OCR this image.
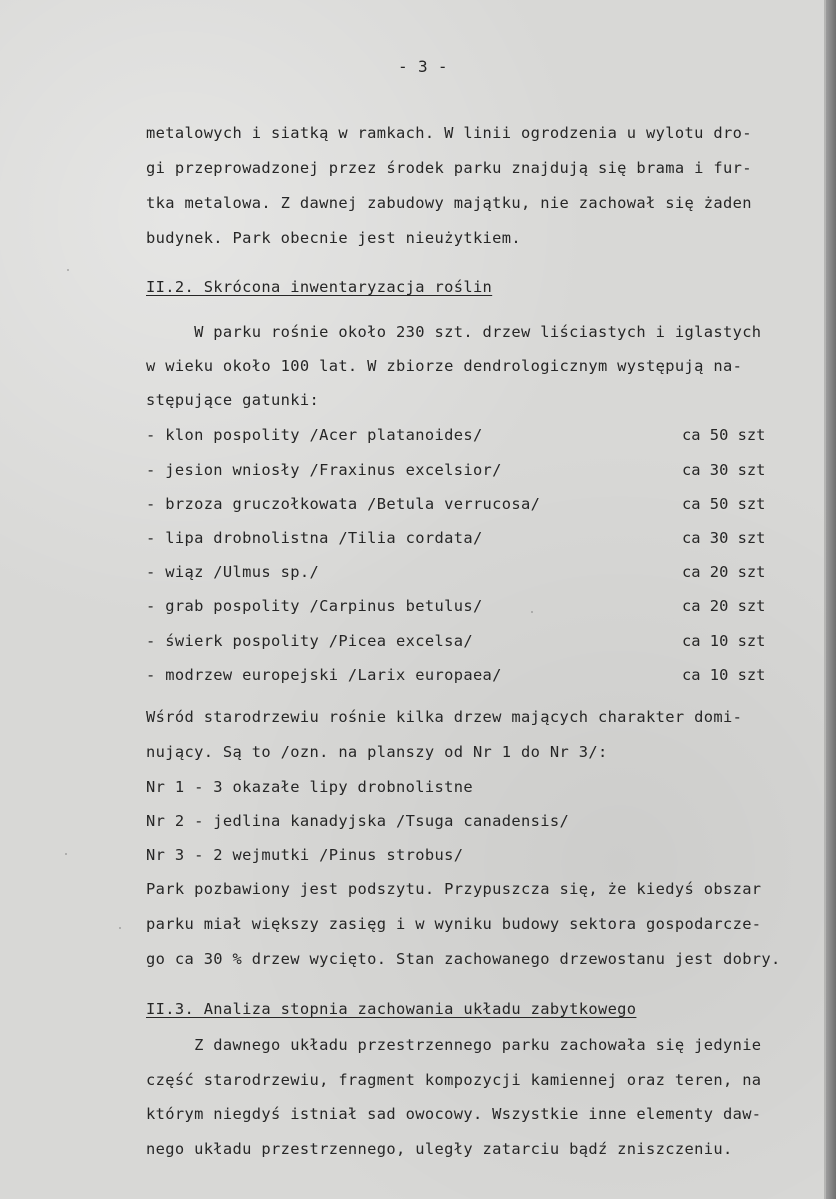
- 3 -
metalowych i siatką w ramkach. W linii ogrodzenia u wylotu dro-
gi przeprowadzonej przez środek parku znajdują się brama i fur-
tka metalowa. Z dawnej zabudowy majątku, nie zachował się żaden
budynek. Park obecnie jest nieużytkiem.
II.2. Skrócona inwentaryzacja roślin
W parku rośnie około 230 szt. drzew liściastych i iglastych
w wieku około 100 lat. W zbiorze dendrologicznym występują na-
stępujące gatunki:
- klon pospolity /Acer platanoides/	ca 50 szt
- jesion wniosły /Fraxinus excelsior/	ca 30 szt
- brzoza gruczołkowata /Betula verrucosa/	ca 50 szt
- lipa drobnolistna /Tilia cordata/	ca 30 szt
- wiąz /Ulmus sp./	ca 20 szt
- grab pospolity /Carpinus betulus/	ca 20 szt
- świerk pospolity /Picea excelsa/	ca 10 szt
- modrzew europejski /Larix europaea/	ca 10 szt
Wśród starodrzewiu rośnie kilka drzew mających charakter domi-
nujący. Są to /ozn. na planszy od Nr 1 do Nr 3/:
Nr 1 - 3 okazałe lipy drobnolistne
Nr 2 - jedlina kanadyjska /Tsuga canadensis/
Nr 3 - 2 wejmutki /Pinus strobus/
Park pozbawiony jest podszytu. Przypuszcza się, że kiedyś obszar
parku miał większy zasięg i w wyniku budowy sektora gospodarcze-
go ca 30 % drzew wycięto. Stan zachowanego drzewostanu jest dobry.
II.3. Analiza stopnia zachowania układu zabytkowego
Z dawnego układu przestrzennego parku zachowała się jedynie
część starodrzewiu, fragment kompozycji kamiennej oraz teren, na
którym niegdyś istniał sad owocowy. Wszystkie inne elementy daw-
nego układu przestrzennego, uległy zatarciu bądź zniszczeniu.
